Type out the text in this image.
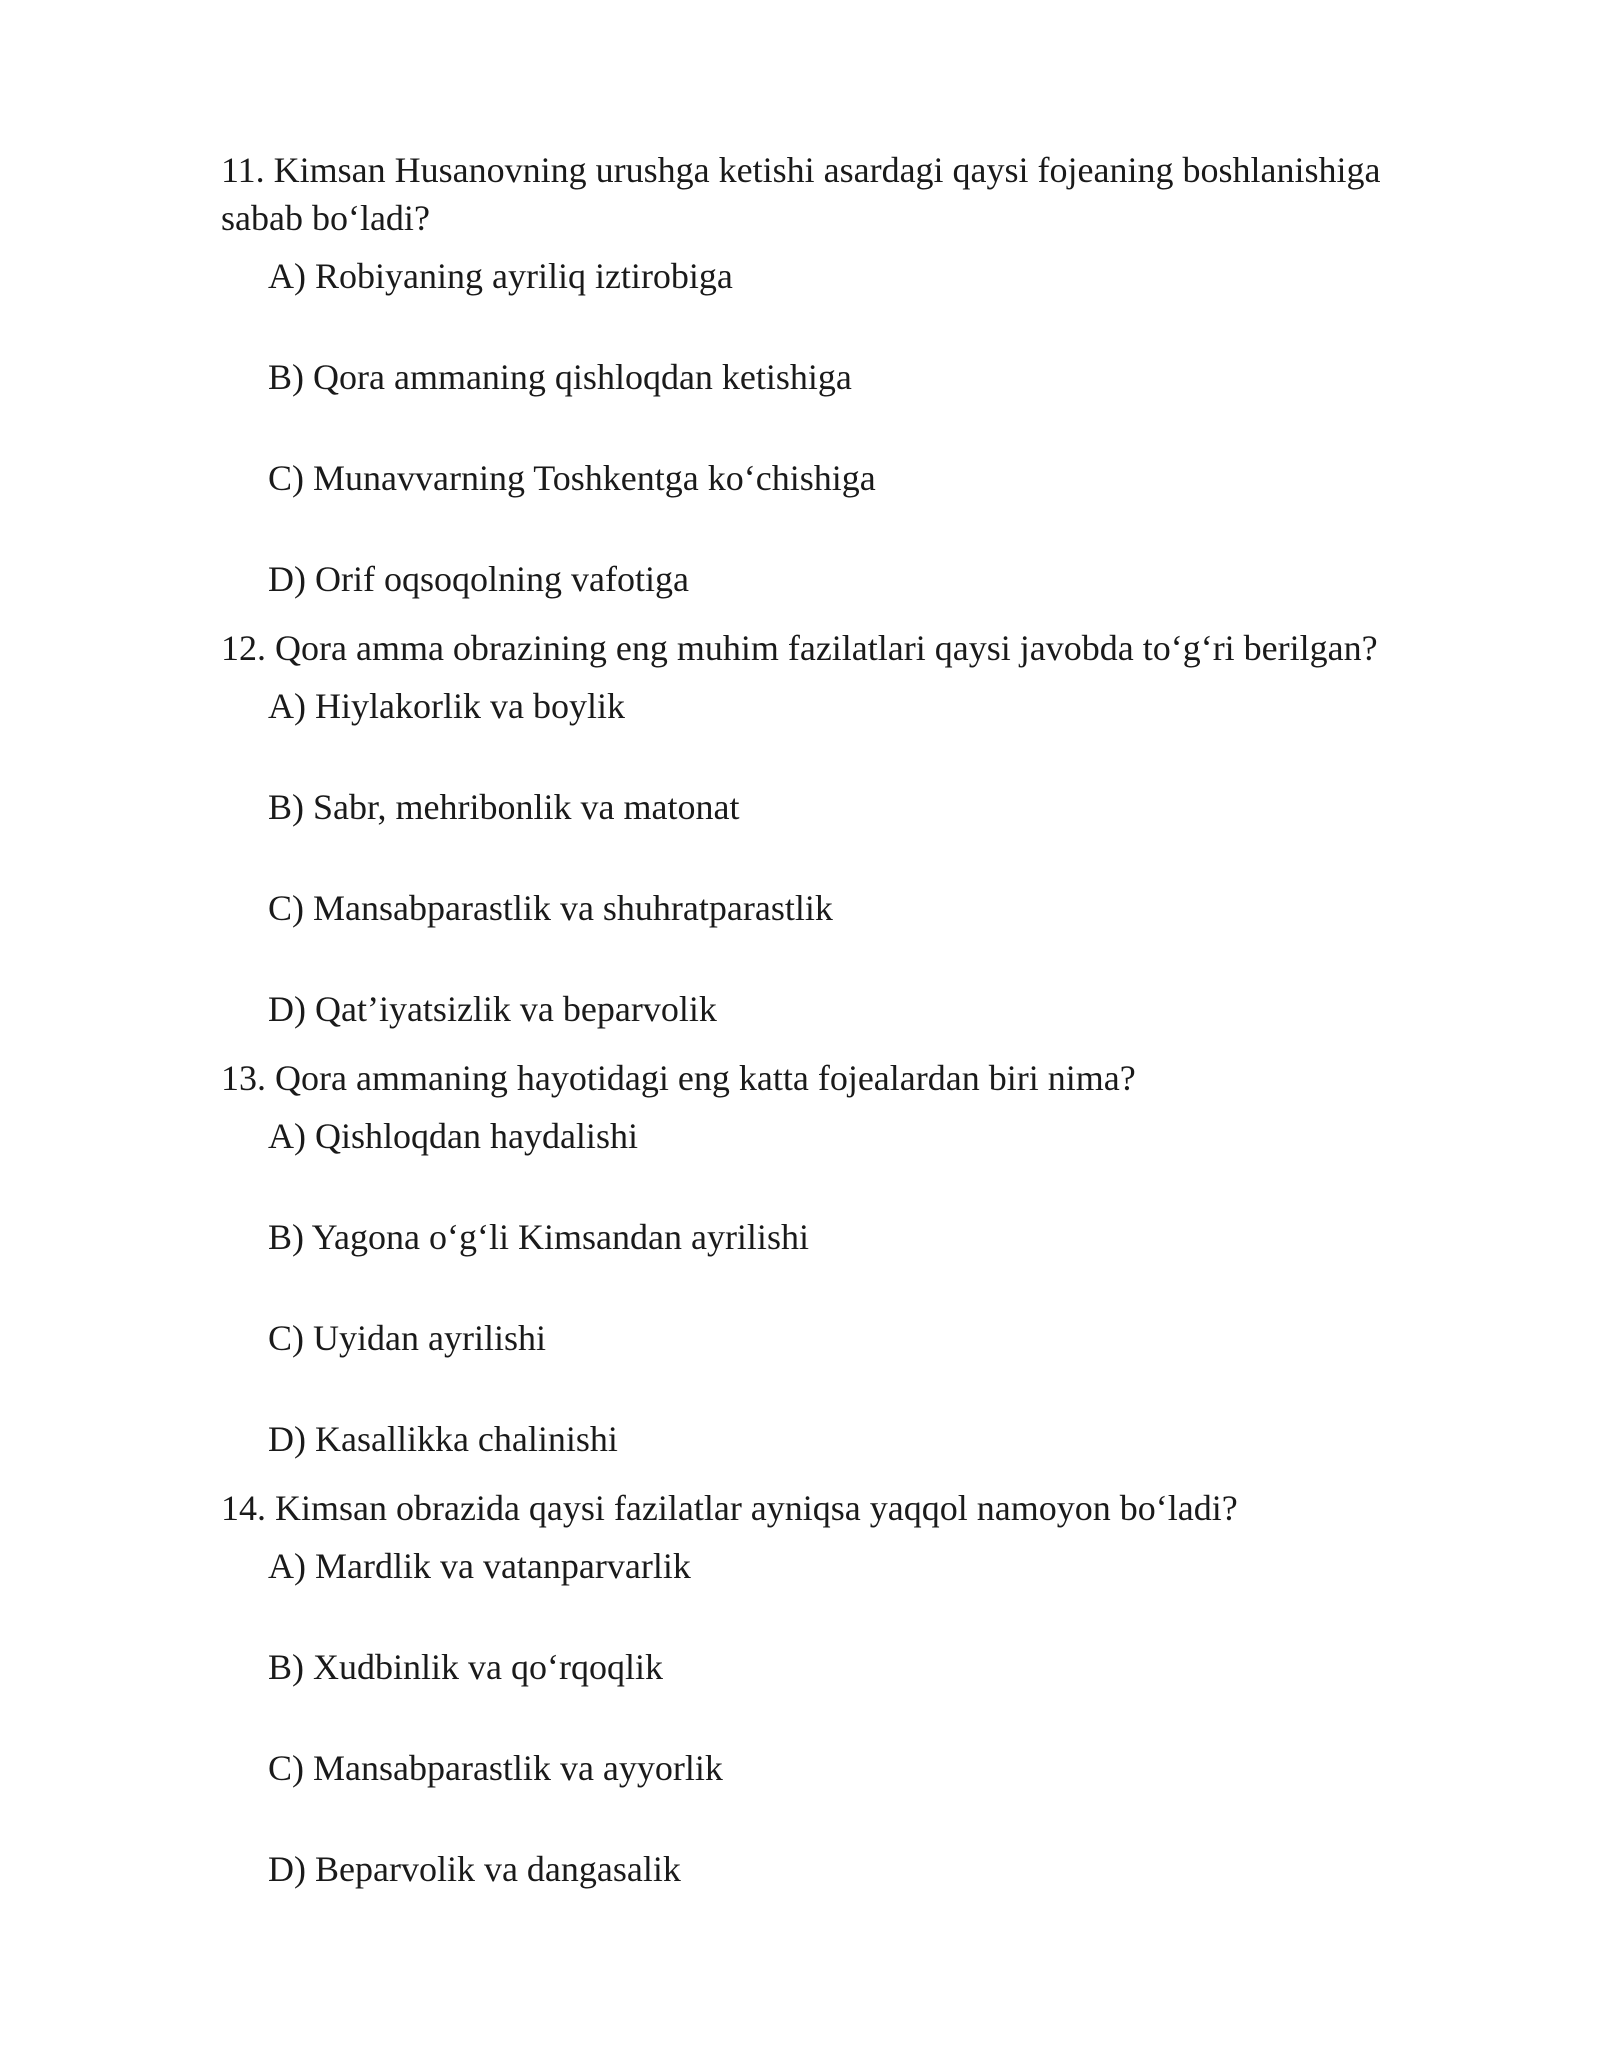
11. Kimsan Husanovning urushga ketishi asardagi qaysi fojeaning boshlanishiga sabab boʻladi?

A) Robiyaning ayriliq iztirobiga

B) Qora ammaning qishloqdan ketishiga

C) Munavvarning Toshkentga koʻchishiga

D) Orif oqsoqolning vafotiga

12. Qora amma obrazining eng muhim fazilatlari qaysi javobda toʻgʻri berilgan?

A) Hiylakorlik va boylik

B) Sabr, mehribonlik va matonat

C) Mansabparastlik va shuhratparastlik

D) Qat’iyatsizlik va beparvolik

13. Qora ammaning hayotidagi eng katta fojealardan biri nima?

A) Qishloqdan haydalishi

B) Yagona oʻgʻli Kimsandan ayrilishi

C) Uyidan ayrilishi

D) Kasallikka chalinishi

14. Kimsan obrazida qaysi fazilatlar ayniqsa yaqqol namoyon boʻladi?

A) Mardlik va vatanparvarlik

B) Xudbinlik va qoʻrqoqlik

C) Mansabparastlik va ayyorlik

D) Beparvolik va dangasalik
